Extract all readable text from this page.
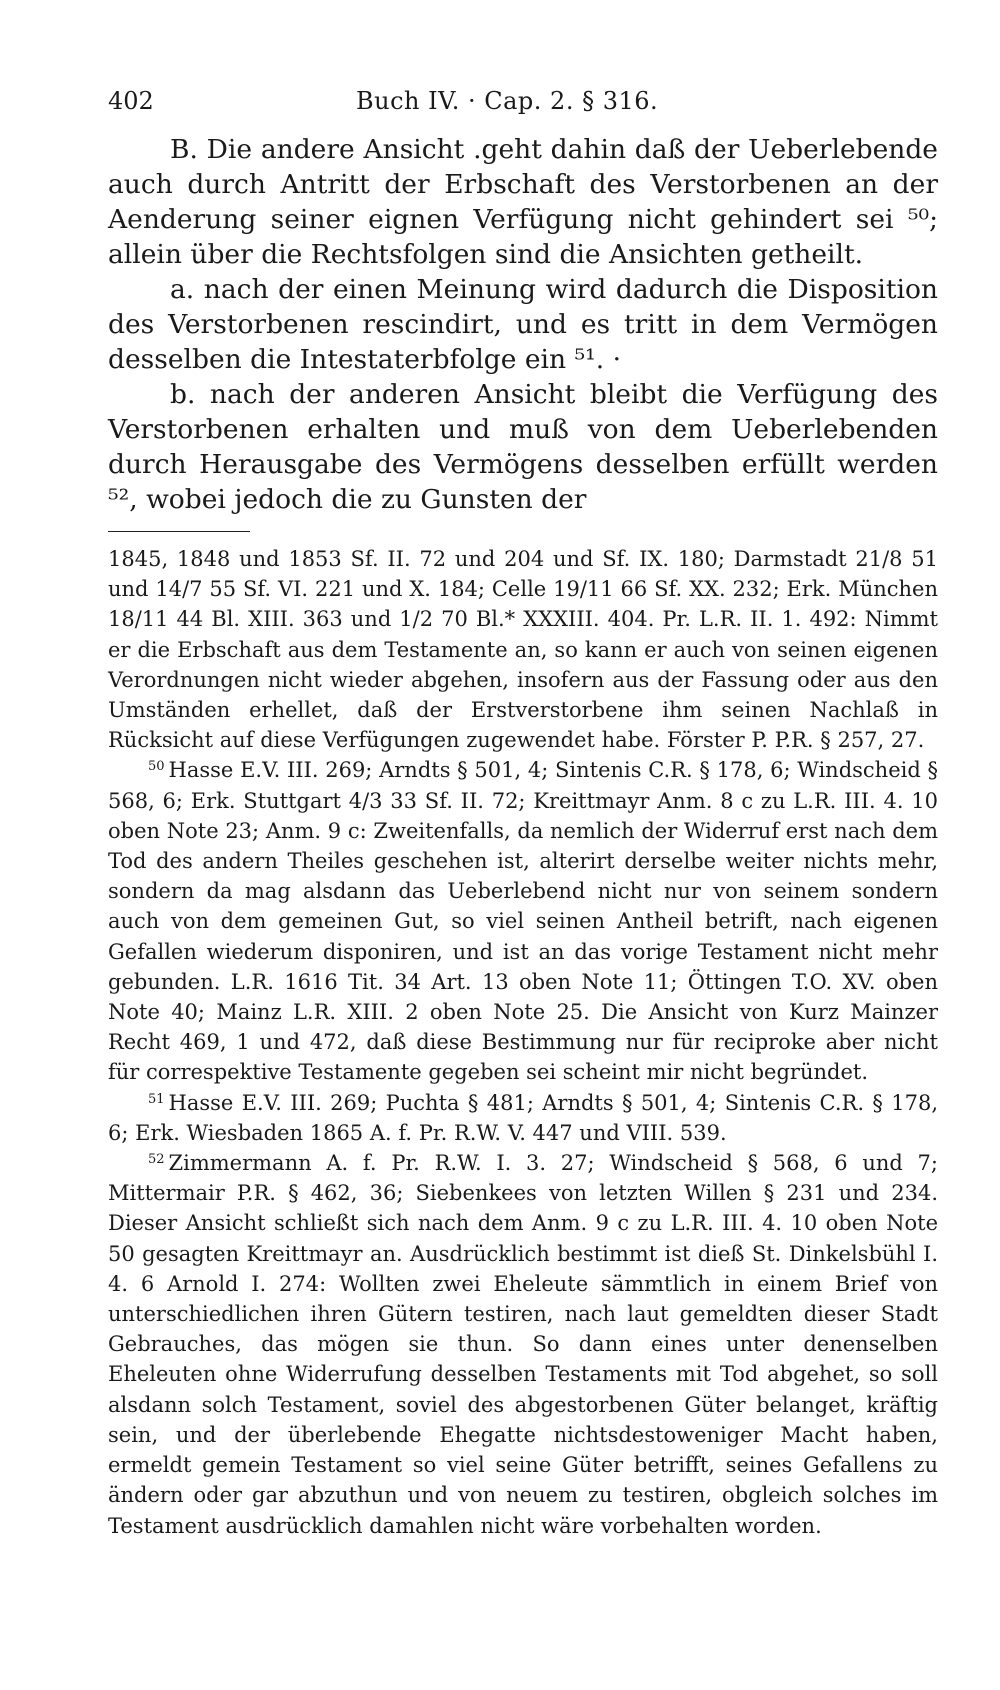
402	Buch IV. · Cap. 2. § 316.

B. Die andere Ansicht .geht dahin daß der Ueberlebende auch durch Antritt der Erbschaft des Verstorbenen an der Aenderung seiner eignen Verfügung nicht gehindert sei ⁵⁰; allein über die Rechtsfolgen sind die Ansichten getheilt.

a. nach der einen Meinung wird dadurch die Disposition des Verstorbenen rescindirt, und es tritt in dem Vermögen desselben die Intestaterbfolge ein ⁵¹. ·

b. nach der anderen Ansicht bleibt die Verfügung des Verstorbenen erhalten und muß von dem Ueberlebenden durch Herausgabe des Vermögens desselben erfüllt werden ⁵², wobei jedoch die zu Gunsten der

1845, 1848 und 1853 Sf. II. 72 und 204 und Sf. IX. 180; Darmstadt 21/8 51 und 14/7 55 Sf. VI. 221 und X. 184; Celle 19/11 66 Sf. XX. 232; Erk. München 18/11 44 Bl. XIII. 363 und 1/2 70 Bl.* XXXIII. 404. Pr. L.R. II. 1. 492: Nimmt er die Erbschaft aus dem Testamente an, so kann er auch von seinen eigenen Verordnungen nicht wieder abgehen, insofern aus der Fassung oder aus den Umständen erhellet, daß der Erstverstorbene ihm seinen Nachlaß in Rücksicht auf diese Verfügungen zugewendet habe. Förster P. P.R. § 257, 27.

$^{50}$ Hasse E.V. III. 269; Arndts § 501, 4; Sintenis C.R. § 178, 6; Windscheid § 568, 6; Erk. Stuttgart 4/3 33 Sf. II. 72; Kreittmayr Anm. 8 c zu L.R. III. 4. 10 oben Note 23; Anm. 9 c: Zweitenfalls, da nemlich der Widerruf erst nach dem Tod des andern Theiles geschehen ist, alterirt derselbe weiter nichts mehr, sondern da mag alsdann das Ueberlebend nicht nur von seinem sondern auch von dem gemeinen Gut, so viel seinen Antheil betrift, nach eigenen Gefallen wiederum disponiren, und ist an das vorige Testament nicht mehr gebunden. L.R. 1616 Tit. 34 Art. 13 oben Note 11; Öttingen T.O. XV. oben Note 40; Mainz L.R. XIII. 2 oben Note 25. Die Ansicht von Kurz Mainzer Recht 469, 1 und 472, daß diese Bestimmung nur für reciproke aber nicht für correspektive Testamente gegeben sei scheint mir nicht begründet.

$^{51}$ Hasse E.V. III. 269; Puchta § 481; Arndts § 501, 4; Sintenis C.R. § 178, 6; Erk. Wiesbaden 1865 A. f. Pr. R.W. V. 447 und VIII. 539.

$^{52}$ Zimmermann A. f. Pr. R.W. I. 3. 27; Windscheid § 568, 6 und 7; Mittermair P.R. § 462, 36; Siebenkees von letzten Willen § 231 und 234. Dieser Ansicht schließt sich nach dem Anm. 9 c zu L.R. III. 4. 10 oben Note 50 gesagten Kreittmayr an. Ausdrücklich bestimmt ist dieß St. Dinkelsbühl I. 4. 6 Arnold I. 274: Wollten zwei Eheleute sämmtlich in einem Brief von unterschiedlichen ihren Gütern testiren, nach laut gemeldten dieser Stadt Gebrauches, das mögen sie thun. So dann eines unter denenselben Eheleuten ohne Widerrufung desselben Testaments mit Tod abgehet, so soll alsdann solch Testament, soviel des abgestorbenen Güter belanget, kräftig sein, und der überlebende Ehegatte nichtsdestoweniger Macht haben, ermeldt gemein Testament so viel seine Güter betrifft, seines Gefallens zu ändern oder gar abzuthun und von neuem zu testiren, obgleich solches im Testament ausdrücklich damahlen nicht wäre vorbehalten worden.
